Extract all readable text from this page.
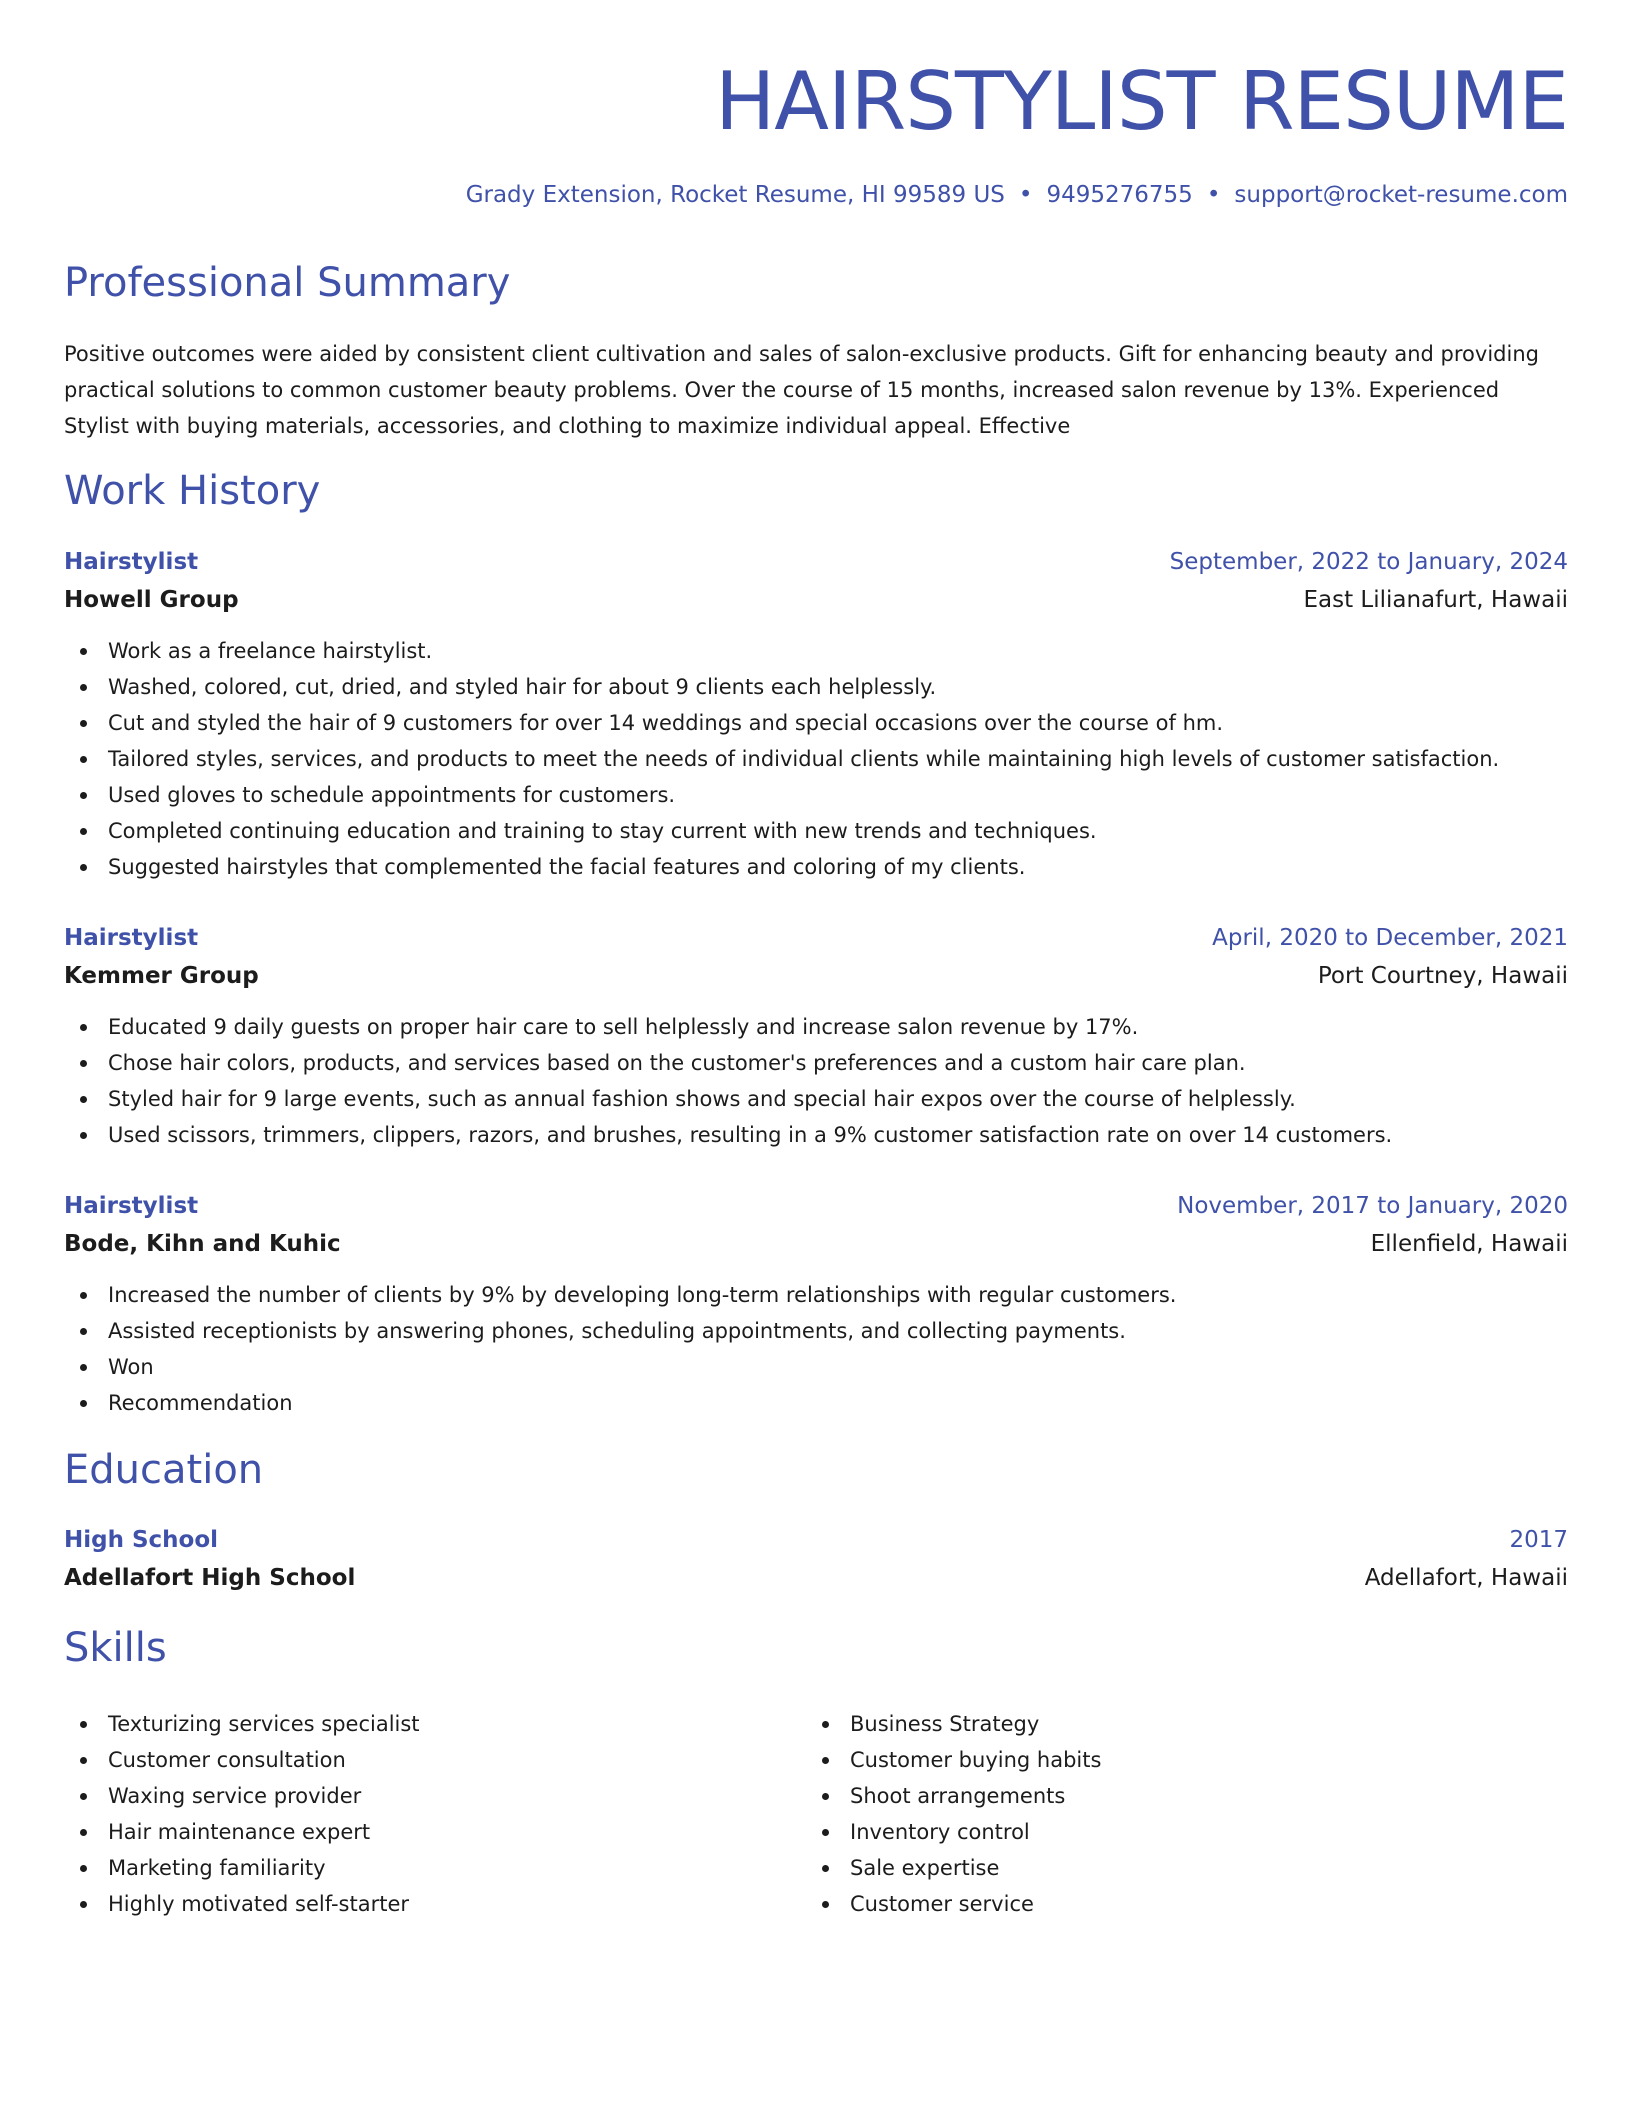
HAIRSTYLIST RESUME
Grady Extension, Rocket Resume, HI 99589 US • 9495276755 • support@rocket-resume.com
Professional Summary
Positive outcomes were aided by consistent client cultivation and sales of salon-exclusive products. Gift for enhancing beauty and providing practical solutions to common customer beauty problems. Over the course of 15 months, increased salon revenue by 13%. Experienced Stylist with buying materials, accessories, and clothing to maximize individual appeal. Effective
Work History
Hairstylist	September, 2022 to January, 2024
Howell Group	East Lilianafurt, Hawaii
Work as a freelance hairstylist.
Washed, colored, cut, dried, and styled hair for about 9 clients each helplessly.
Cut and styled the hair of 9 customers for over 14 weddings and special occasions over the course of hm.
Tailored styles, services, and products to meet the needs of individual clients while maintaining high levels of customer satisfaction.
Used gloves to schedule appointments for customers.
Completed continuing education and training to stay current with new trends and techniques.
Suggested hairstyles that complemented the facial features and coloring of my clients.
Hairstylist	April, 2020 to December, 2021
Kemmer Group	Port Courtney, Hawaii
Educated 9 daily guests on proper hair care to sell helplessly and increase salon revenue by 17%.
Chose hair colors, products, and services based on the customer's preferences and a custom hair care plan.
Styled hair for 9 large events, such as annual fashion shows and special hair expos over the course of helplessly.
Used scissors, trimmers, clippers, razors, and brushes, resulting in a 9% customer satisfaction rate on over 14 customers.
Hairstylist	November, 2017 to January, 2020
Bode, Kihn and Kuhic	Ellenfield, Hawaii
Increased the number of clients by 9% by developing long-term relationships with regular customers.
Assisted receptionists by answering phones, scheduling appointments, and collecting payments.
Won
Recommendation
Education
High School	2017
Adellafort High School	Adellafort, Hawaii
Skills
Texturizing services specialist
Customer consultation
Waxing service provider
Hair maintenance expert
Marketing familiarity
Highly motivated self-starter
Business Strategy
Customer buying habits
Shoot arrangements
Inventory control
Sale expertise
Customer service
